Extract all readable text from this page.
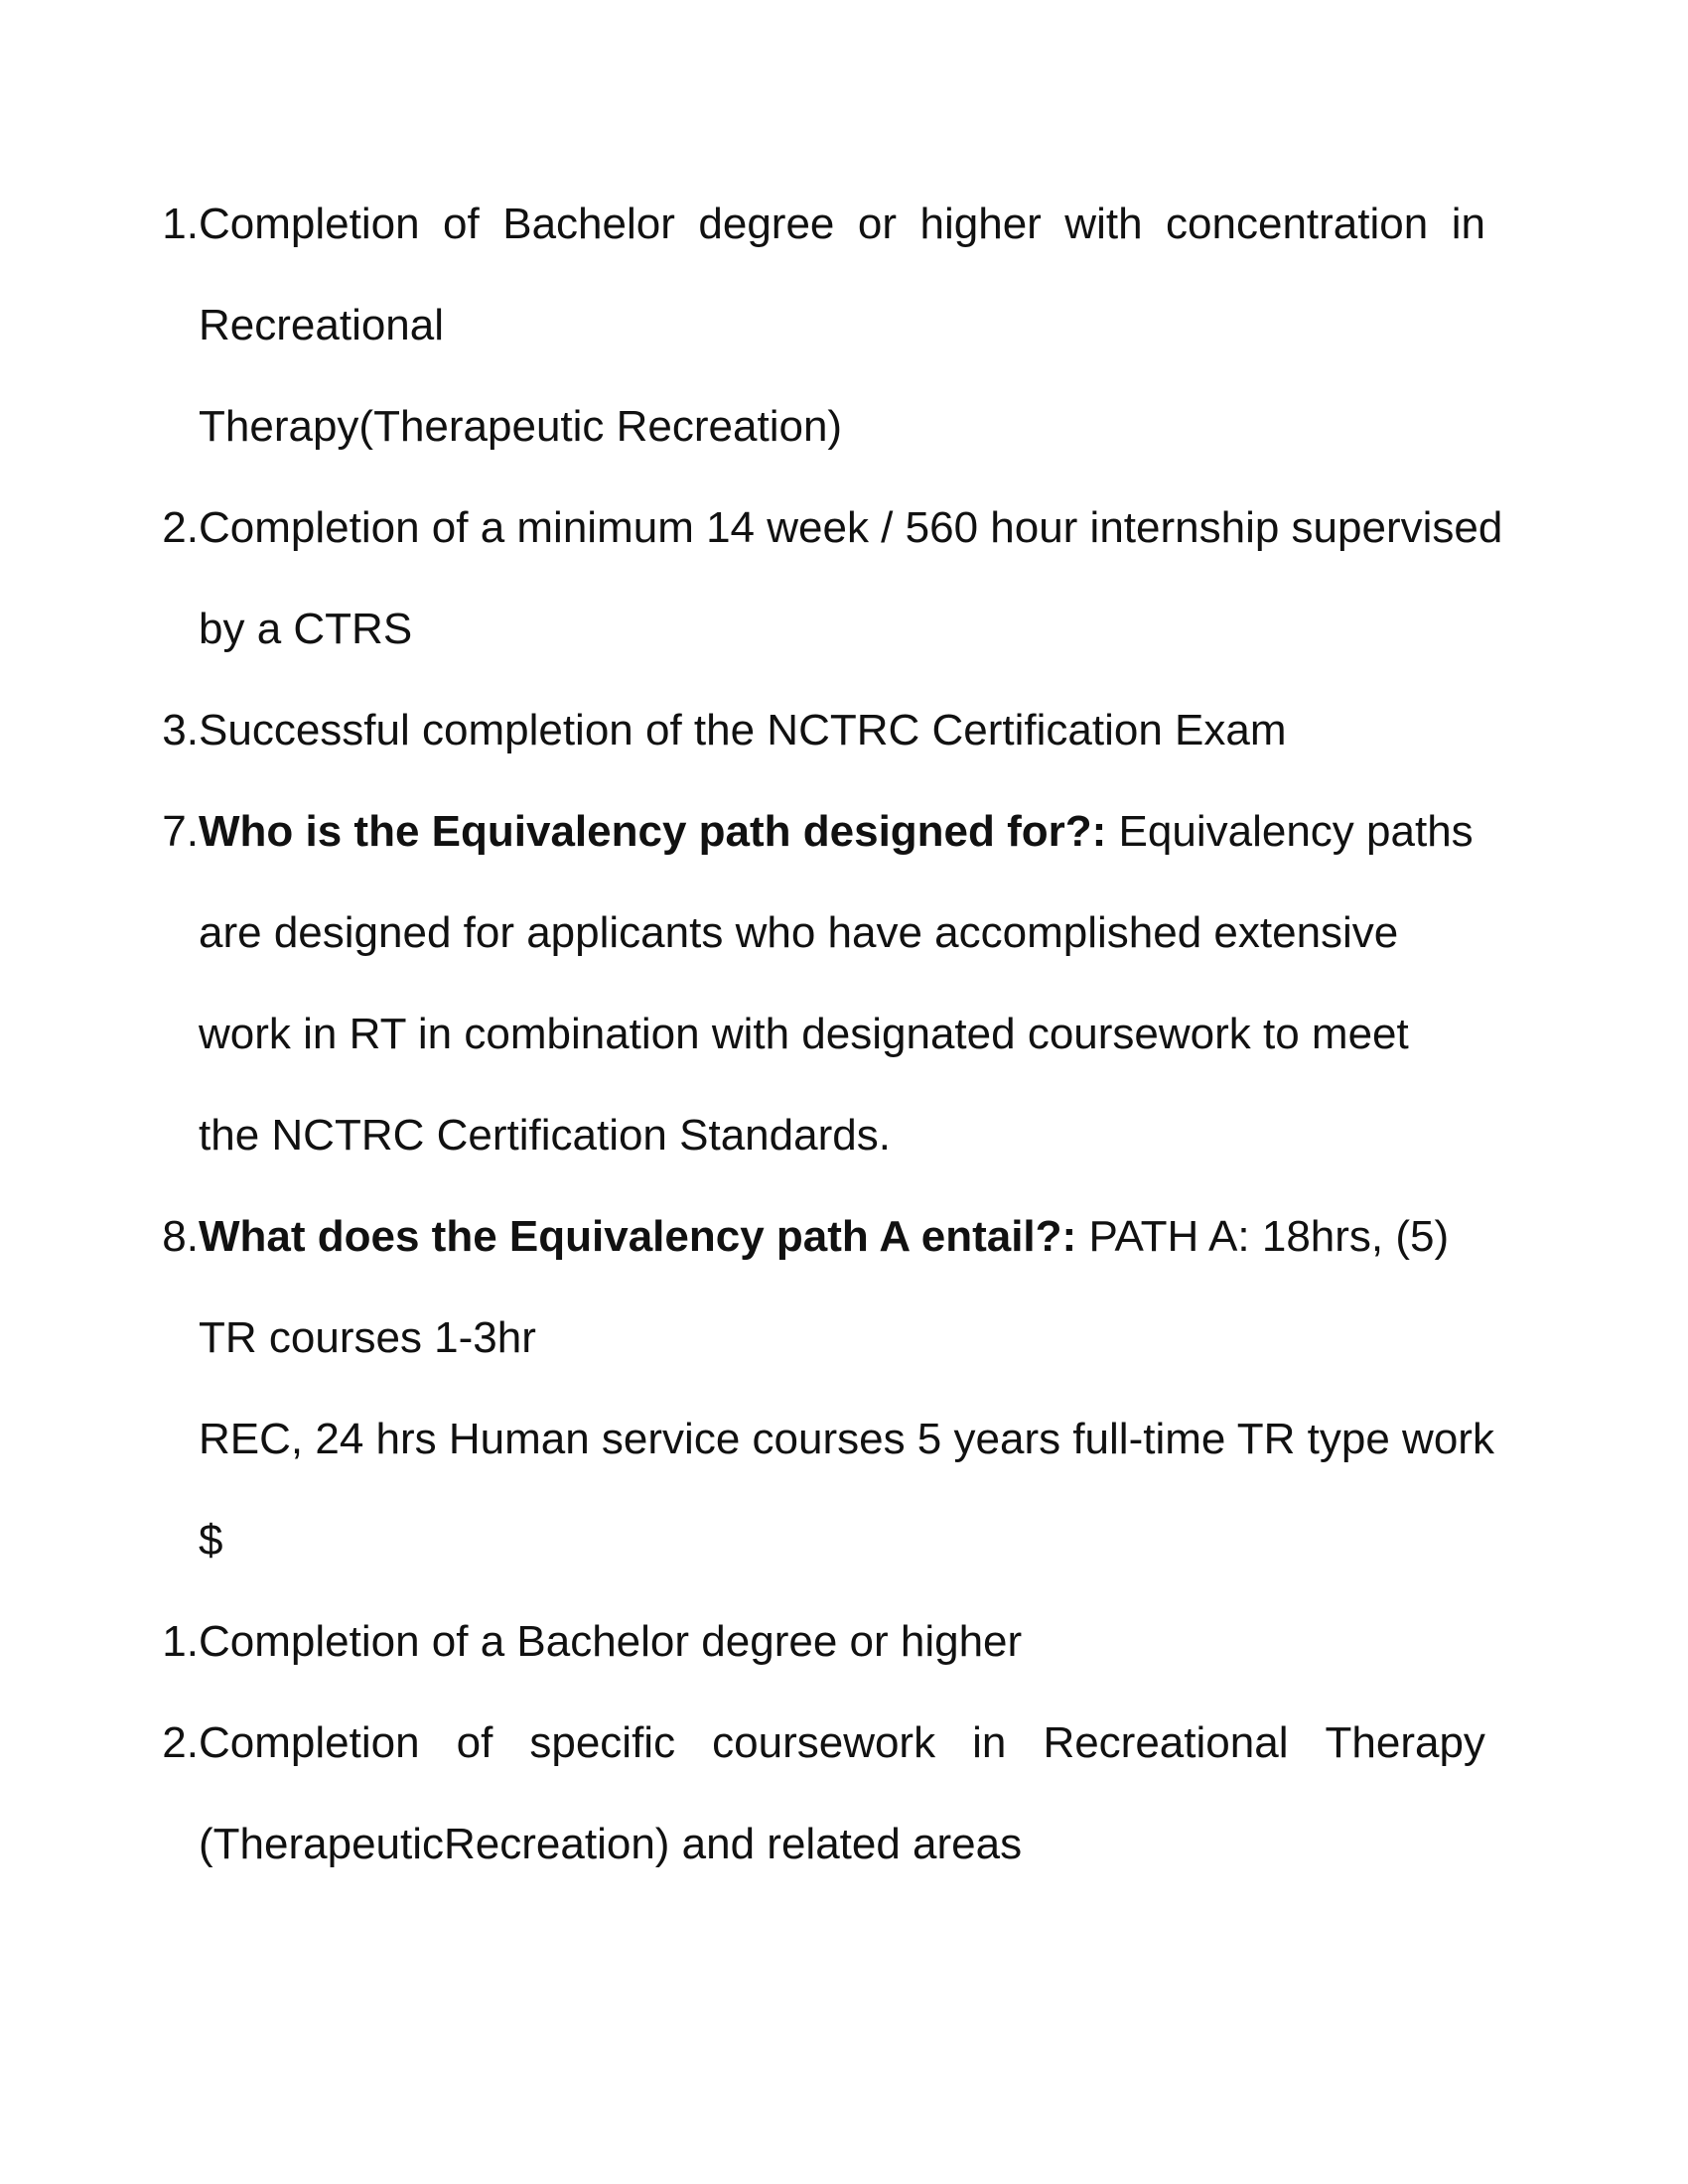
1. Completion of Bachelor degree or higher with concentration in
Recreational
Therapy(Therapeutic Recreation)
2. Completion of a minimum 14 week / 560 hour internship supervised
by a CTRS
3. Successful completion of the NCTRC Certification Exam
7. Who is the Equivalency path designed for?: Equivalency paths
are designed for applicants who have accomplished extensive
work in RT in combination with designated coursework to meet
the NCTRC Certification Standards.
8. What does the Equivalency path A entail?: PATH A: 18hrs, (5)
TR courses 1-3hr
REC, 24 hrs Human service courses 5 years full-time TR type work
$
1. Completion of a Bachelor degree or higher
2. Completion of specific coursework in Recreational Therapy
(TherapeuticRecreation) and related areas
